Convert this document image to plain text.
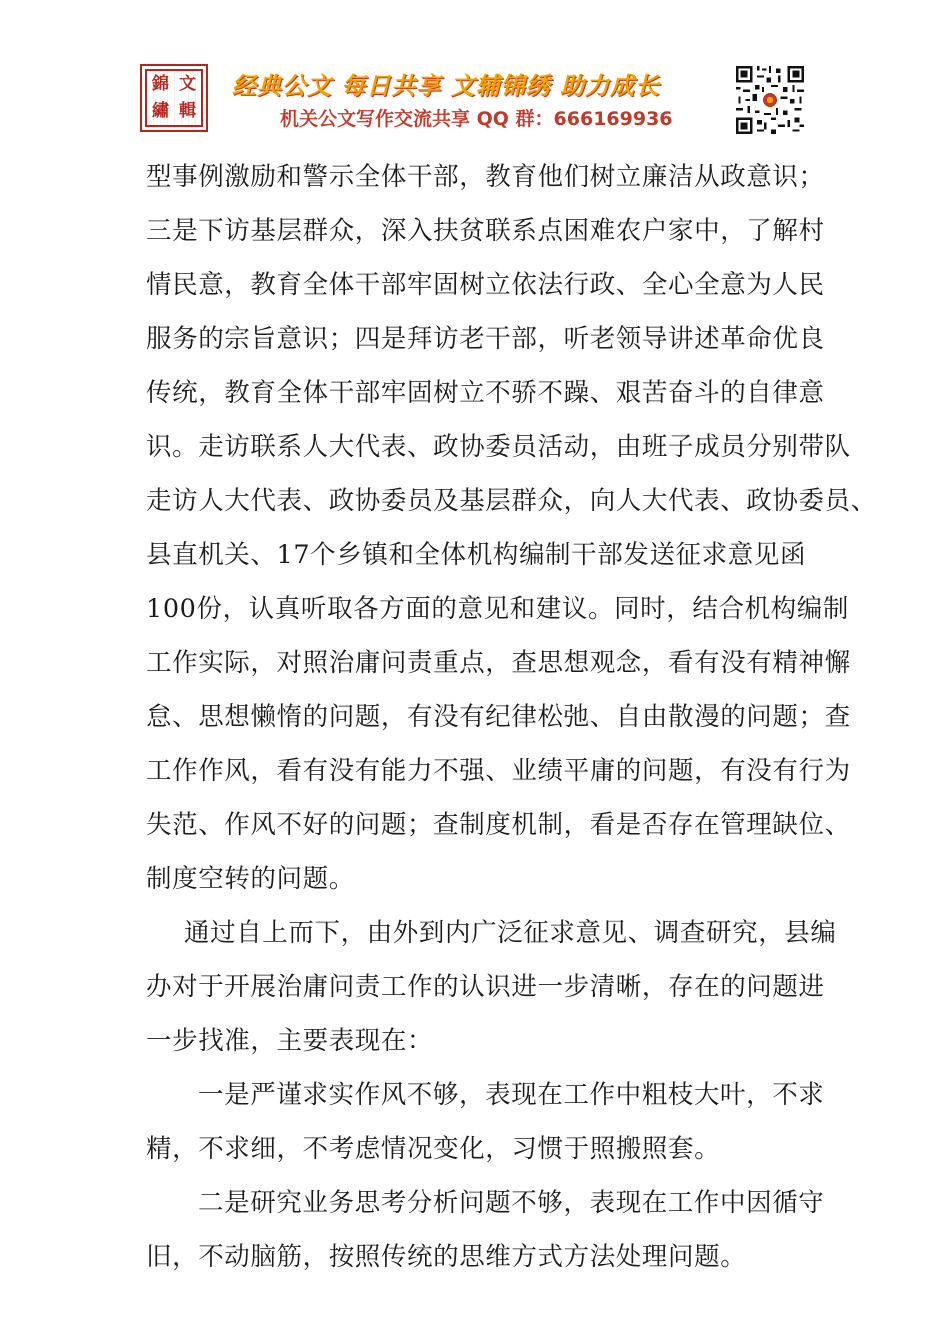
錦 文
繡 輯
经典公文 每日共享 文辅锦绣 助力成长
机关公文写作交流共享 QQ 群：666169936
型事例激励和警示全体干部，教育他们树立廉洁从政意识；
三是下访基层群众，深入扶贫联系点困难农户家中，了解村
情民意，教育全体干部牢固树立依法行政、全心全意为人民
服务的宗旨意识；四是拜访老干部，听老领导讲述革命优良
传统，教育全体干部牢固树立不骄不躁、艰苦奋斗的自律意
识。走访联系人大代表、政协委员活动，由班子成员分别带队
走访人大代表、政协委员及基层群众，向人大代表、政协委员、
县直机关、17个乡镇和全体机构编制干部发送征求意见函
100份，认真听取各方面的意见和建议。同时，结合机构编制
工作实际，对照治庸问责重点，查思想观念，看有没有精神懈
怠、思想懒惰的问题，有没有纪律松弛、自由散漫的问题；查
工作作风，看有没有能力不强、业绩平庸的问题，有没有行为
失范、作风不好的问题；查制度机制，看是否存在管理缺位、
制度空转的问题。
通过自上而下，由外到内广泛征求意见、调查研究，县编
办对于开展治庸问责工作的认识进一步清晰，存在的问题进
一步找准，主要表现在：
一是严谨求实作风不够，表现在工作中粗枝大叶，不求
精，不求细，不考虑情况变化，习惯于照搬照套。
二是研究业务思考分析问题不够，表现在工作中因循守
旧，不动脑筋，按照传统的思维方式方法处理问题。
